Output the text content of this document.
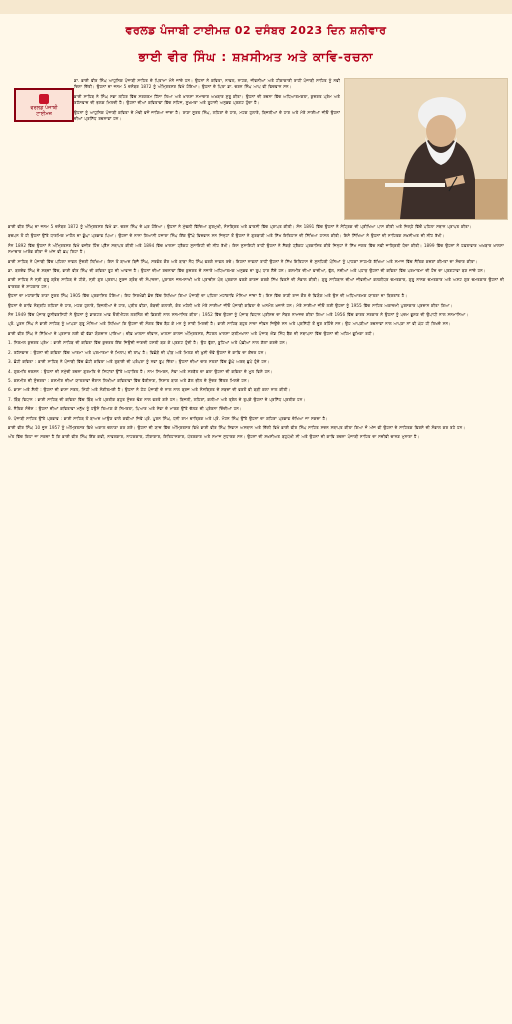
ਵਰਲਡ ਪੰਜਾਬੀ ਟਾਈਮਜ਼ 02 ਦਸੰਬਰ 2023 ਦਿਨ ਸ਼ਨੀਵਾਰ
ਭਾਈ ਵੀਰ ਸਿੰਘ : ਸ਼ਖ਼ਸੀਅਤ ਅਤੇ ਕਾਵਿ-ਰਚਨਾ
ਵਰਲਡ ਪੰਜਾਬੀ
ਟਾਈਮਜ਼

ਡਾ. ਭਾਈ ਵੀਰ ਸਿੰਘ ਆਧੁਨਿਕ ਪੰਜਾਬੀ ਸਾਹਿਤ ਦੇ ਪਿਤਾਮਾ ਮੰਨੇ ਜਾਂਦੇ ਹਨ। ਉਹਨਾਂ ਨੇ ਕਵਿਤਾ, ਨਾਵਲ, ਨਾਟਕ, ਜੀਵਨੀਆਂ ਅਤੇ ਟੀਕਾਕਾਰੀ ਰਾਹੀਂ ਪੰਜਾਬੀ ਸਾਹਿਤ ਨੂੰ ਨਵੀਂ ਦਿਸ਼ਾ ਦਿੱਤੀ। ਉਹਨਾਂ ਦਾ ਜਨਮ 5 ਦਸੰਬਰ 1872 ਨੂੰ ਅੰਮ੍ਰਿਤਸਰ ਵਿਖੇ ਹੋਇਆ। ਉਹਨਾਂ ਦੇ ਪਿਤਾ ਡਾ. ਚਰਨ ਸਿੰਘ ਆਪ ਵੀ ਵਿਦਵਾਨ ਸਨ।

ਭਾਈ ਸਾਹਿਬ ਨੇ ਸਿੰਘ ਸਭਾ ਲਹਿਰ ਵਿੱਚ ਸਰਗਰਮ ਹਿੱਸਾ ਲਿਆ ਅਤੇ ਖ਼ਾਲਸਾ ਸਮਾਚਾਰ ਅਖ਼ਬਾਰ ਸ਼ੁਰੂ ਕੀਤਾ। ਉਹਨਾਂ ਦੀ ਰਚਨਾ ਵਿੱਚ ਅਧਿਆਤਮਕਤਾ, ਕੁਦਰਤ ਪ੍ਰੇਮ ਅਤੇ ਰਹੱਸਵਾਦ ਦੀ ਝਲਕ ਮਿਲਦੀ ਹੈ। ਉਹਨਾਂ ਦੀਆਂ ਕਵਿਤਾਵਾਂ ਵਿੱਚ ਸਹਿਜ, ਸੂਖ਼ਮਤਾ ਅਤੇ ਰੂਹਾਨੀ ਅਨੁਭਵ ਪ੍ਰਗਟ ਹੁੰਦਾ ਹੈ।

ਉਹਨਾਂ ਨੂੰ ਆਧੁਨਿਕ ਪੰਜਾਬੀ ਕਵਿਤਾ ਦੇ ਮੋਢੀ ਵਜੋਂ ਜਾਣਿਆ ਜਾਂਦਾ ਹੈ। ਰਾਣਾ ਸੂਰਤ ਸਿੰਘ, ਲਹਿਰਾਂ ਦੇ ਹਾਰ, ਮਟਕ ਹੁਲਾਰੇ, ਬਿਜਲੀਆਂ ਦੇ ਹਾਰ ਅਤੇ ਮੇਰੇ ਸਾਈਆਂ ਜੀਓ ਉਹਨਾਂ ਦੀਆਂ ਪ੍ਰਸਿੱਧ ਰਚਨਾਵਾਂ ਹਨ।

ਭਾਈ ਵੀਰ ਸਿੰਘ ਦਾ ਜਨਮ 5 ਦਸੰਬਰ 1872 ਨੂੰ ਅੰਮ੍ਰਿਤਸਰ ਵਿਖੇ ਡਾ. ਚਰਨ ਸਿੰਘ ਦੇ ਘਰ ਹੋਇਆ। ਉਹਨਾਂ ਨੇ ਮੁੱਢਲੀ ਵਿੱਦਿਆ ਗੁਰਮੁਖੀ, ਸੰਸਕ੍ਰਿਤ ਅਤੇ ਫ਼ਾਰਸੀ ਵਿੱਚ ਪ੍ਰਾਪਤ ਕੀਤੀ। ਸੰਨ 1891 ਵਿੱਚ ਉਹਨਾਂ ਨੇ ਮੈਟ੍ਰਿਕ ਦੀ ਪ੍ਰੀਖਿਆ ਪਾਸ ਕੀਤੀ ਅਤੇ ਜ਼ਿਲ੍ਹੇ ਵਿੱਚੋਂ ਪਹਿਲਾ ਸਥਾਨ ਪ੍ਰਾਪਤ ਕੀਤਾ।

ਬਚਪਨ ਤੋਂ ਹੀ ਉਹਨਾਂ ਉੱਤੇ ਧਾਰਮਿਕ ਮਾਹੌਲ ਦਾ ਡੂੰਘਾ ਪ੍ਰਭਾਵ ਪਿਆ। ਉਹਨਾਂ ਦੇ ਨਾਨਾ ਗਿਆਨੀ ਹਜ਼ਾਰਾ ਸਿੰਘ ਇੱਕ ਉੱਘੇ ਵਿਦਵਾਨ ਸਨ ਜਿਨ੍ਹਾਂ ਤੋਂ ਉਹਨਾਂ ਨੇ ਗੁਰਬਾਣੀ ਅਤੇ ਸਿੱਖ ਇਤਿਹਾਸ ਦੀ ਸਿੱਖਿਆ ਹਾਸਲ ਕੀਤੀ। ਇਸੇ ਸਿੱਖਿਆ ਨੇ ਉਹਨਾਂ ਦੀ ਸਾਹਿਤਕ ਸ਼ਖ਼ਸੀਅਤ ਦੀ ਨੀਂਹ ਰੱਖੀ।

ਸੰਨ 1892 ਵਿੱਚ ਉਹਨਾਂ ਨੇ ਅੰਮ੍ਰਿਤਸਰ ਵਿਖੇ ਵਜ਼ੀਰ ਹਿੰਦ ਪ੍ਰੈੱਸ ਸਥਾਪਤ ਕੀਤੀ ਅਤੇ 1894 ਵਿੱਚ ਖ਼ਾਲਸਾ ਟ੍ਰੈਕਟ ਸੁਸਾਇਟੀ ਦੀ ਨੀਂਹ ਰੱਖੀ। ਇਸ ਸੁਸਾਇਟੀ ਰਾਹੀਂ ਉਹਨਾਂ ਨੇ ਸੈਂਕੜੇ ਟ੍ਰੈਕਟ ਪ੍ਰਕਾਸ਼ਿਤ ਕੀਤੇ ਜਿਨ੍ਹਾਂ ਨੇ ਸਿੱਖ ਜਗਤ ਵਿੱਚ ਨਵੀਂ ਜਾਗ੍ਰਿਤੀ ਪੈਦਾ ਕੀਤੀ। 1899 ਵਿੱਚ ਉਹਨਾਂ ਨੇ ਹਫ਼ਤਾਵਾਰ ਅਖ਼ਬਾਰ ਖ਼ਾਲਸਾ ਸਮਾਚਾਰ ਆਰੰਭ ਕੀਤਾ ਜੋ ਅੱਜ ਵੀ ਛਪ ਰਿਹਾ ਹੈ।

ਭਾਈ ਸਾਹਿਬ ਨੇ ਪੰਜਾਬੀ ਵਿੱਚ ਪਹਿਲਾ ਨਾਵਲ ਸੁੰਦਰੀ ਲਿਖਿਆ। ਇਸ ਤੋਂ ਬਾਅਦ ਬਿਜੈ ਸਿੰਘ, ਸਤਵੰਤ ਕੌਰ ਅਤੇ ਬਾਬਾ ਨੌਧ ਸਿੰਘ ਵਰਗੇ ਨਾਵਲ ਰਚੇ। ਇਹਨਾਂ ਨਾਵਲਾਂ ਰਾਹੀਂ ਉਹਨਾਂ ਨੇ ਸਿੱਖ ਇਤਿਹਾਸ ਦੇ ਸੁਨਹਿਰੀ ਪੰਨਿਆਂ ਨੂੰ ਪਾਠਕਾਂ ਸਾਹਮਣੇ ਰੱਖਿਆ ਅਤੇ ਸਮਾਜ ਵਿੱਚ ਨੈਤਿਕ ਕਦਰਾਂ ਕੀਮਤਾਂ ਦਾ ਸੰਚਾਰ ਕੀਤਾ।

ਡਾ. ਬਲਦੇਵ ਸਿੰਘ ਦੇ ਸ਼ਬਦਾਂ ਵਿੱਚ, ਭਾਈ ਵੀਰ ਸਿੰਘ ਦੀ ਕਵਿਤਾ ਰੂਹ ਦੀ ਆਵਾਜ਼ ਹੈ। ਉਹਨਾਂ ਦੀਆਂ ਰਚਨਾਵਾਂ ਵਿੱਚ ਕੁਦਰਤ ਦੇ ਨਜ਼ਾਰੇ ਅਧਿਆਤਮਕ ਅਨੁਭਵ ਦਾ ਰੂਪ ਧਾਰ ਲੈਂਦੇ ਹਨ। ਕਸ਼ਮੀਰ ਦੀਆਂ ਵਾਦੀਆਂ, ਫੁੱਲ, ਨਦੀਆਂ ਅਤੇ ਪਹਾੜ ਉਹਨਾਂ ਦੀ ਕਵਿਤਾ ਵਿੱਚ ਪਰਮਾਤਮਾ ਦੀ ਹੋਂਦ ਦਾ ਪ੍ਰਗਟਾਵਾ ਬਣ ਜਾਂਦੇ ਹਨ।

ਭਾਈ ਸਾਹਿਬ ਨੇ ਸ੍ਰੀ ਗੁਰੂ ਗ੍ਰੰਥ ਸਾਹਿਬ ਦੇ ਟੀਕੇ, ਸ੍ਰੀ ਗੁਰ ਪ੍ਰਤਾਪ ਸੂਰਜ ਗ੍ਰੰਥ ਦੀ ਸੰਪਾਦਨਾ, ਪੁਰਾਤਨ ਜਨਮਸਾਖੀ ਅਤੇ ਪ੍ਰਾਚੀਨ ਪੰਥ ਪ੍ਰਕਾਸ਼ ਵਰਗੇ ਕਾਰਜ ਕਰਕੇ ਸਿੱਖ ਵਿਰਸੇ ਦੀ ਸੰਭਾਲ ਕੀਤੀ। ਗੁਰੂ ਸਾਹਿਬਾਨ ਦੀਆਂ ਜੀਵਨੀਆਂ ਕਲਗੀਧਰ ਚਮਤਕਾਰ, ਗੁਰੂ ਨਾਨਕ ਚਮਤਕਾਰ ਅਤੇ ਅਸ਼ਟ ਗੁਰ ਚਮਤਕਾਰ ਉਹਨਾਂ ਦੀ ਵਾਰਤਕ ਦੇ ਸ਼ਾਹਕਾਰ ਹਨ।

ਉਹਨਾਂ ਦਾ ਮਹਾਂਕਾਵਿ ਰਾਣਾ ਸੂਰਤ ਸਿੰਘ 1905 ਵਿੱਚ ਪ੍ਰਕਾਸ਼ਿਤ ਹੋਇਆ। ਇਹ ਸਿਰਖੰਡੀ ਛੰਦ ਵਿੱਚ ਲਿਖਿਆ ਗਿਆ ਪੰਜਾਬੀ ਦਾ ਪਹਿਲਾ ਮਹਾਂਕਾਵਿ ਮੰਨਿਆ ਜਾਂਦਾ ਹੈ। ਇਸ ਵਿੱਚ ਰਾਣੀ ਰਾਜ ਕੌਰ ਦੇ ਵਿਯੋਗ ਅਤੇ ਉਸ ਦੀ ਅਧਿਆਤਮਕ ਯਾਤਰਾ ਦਾ ਬਿਰਤਾਂਤ ਹੈ।

ਉਹਨਾਂ ਦੇ ਕਾਵਿ ਸੰਗ੍ਰਹਿ ਲਹਿਰਾਂ ਦੇ ਹਾਰ, ਮਟਕ ਹੁਲਾਰੇ, ਬਿਜਲੀਆਂ ਦੇ ਹਾਰ, ਪ੍ਰੀਤ ਵੀਣਾ, ਕੰਬਦੀ ਕਲਾਈ, ਕੰਤ ਮਹੇਲੀ ਅਤੇ ਮੇਰੇ ਸਾਈਆਂ ਜੀਓ ਪੰਜਾਬੀ ਕਵਿਤਾ ਦੇ ਅਨਮੋਲ ਖ਼ਜ਼ਾਨੇ ਹਨ। ਮੇਰੇ ਸਾਈਆਂ ਜੀਓ ਲਈ ਉਹਨਾਂ ਨੂੰ 1955 ਵਿੱਚ ਸਾਹਿਤ ਅਕਾਦਮੀ ਪੁਰਸਕਾਰ ਪ੍ਰਦਾਨ ਕੀਤਾ ਗਿਆ।

ਸੰਨ 1949 ਵਿੱਚ ਪੰਜਾਬ ਯੂਨੀਵਰਸਿਟੀ ਨੇ ਉਹਨਾਂ ਨੂੰ ਡਾਕਟਰ ਆਫ਼ ਓਰੀਐਂਟਲ ਲਰਨਿੰਗ ਦੀ ਡਿਗਰੀ ਨਾਲ ਸਨਮਾਨਿਤ ਕੀਤਾ। 1952 ਵਿੱਚ ਉਹਨਾਂ ਨੂੰ ਪੰਜਾਬ ਵਿਧਾਨ ਪ੍ਰੀਸ਼ਦ ਦਾ ਮੈਂਬਰ ਨਾਮਜ਼ਦ ਕੀਤਾ ਗਿਆ ਅਤੇ 1956 ਵਿੱਚ ਭਾਰਤ ਸਰਕਾਰ ਨੇ ਉਹਨਾਂ ਨੂੰ ਪਦਮ ਭੂਸ਼ਣ ਦੀ ਉਪਾਧੀ ਨਾਲ ਸਨਮਾਨਿਆ।

ਪ੍ਰੋ. ਪੂਰਨ ਸਿੰਘ ਨੇ ਭਾਈ ਸਾਹਿਬ ਨੂੰ ਆਪਣਾ ਗੁਰੂ ਮੰਨਿਆ ਅਤੇ ਲਿਖਿਆ ਕਿ ਉਹਨਾਂ ਦੀ ਸੰਗਤ ਵਿੱਚ ਬੈਠ ਕੇ ਮਨ ਨੂੰ ਸ਼ਾਂਤੀ ਮਿਲਦੀ ਹੈ। ਭਾਈ ਸਾਹਿਬ ਬਹੁਤ ਸਾਦਾ ਜੀਵਨ ਜਿਉਂਦੇ ਸਨ ਅਤੇ ਪ੍ਰਸਿੱਧੀ ਤੋਂ ਦੂਰ ਰਹਿੰਦੇ ਸਨ। ਉਹ ਆਪਣੀਆਂ ਰਚਨਾਵਾਂ ਨਾਲ ਆਪਣਾ ਨਾਂ ਵੀ ਘੱਟ ਹੀ ਲਿਖਦੇ ਸਨ।

ਭਾਈ ਵੀਰ ਸਿੰਘ ਨੇ ਸਿੱਖਿਆ ਦੇ ਪ੍ਰਸਾਰ ਲਈ ਵੀ ਵੱਡਾ ਯੋਗਦਾਨ ਪਾਇਆ। ਚੀਫ਼ ਖ਼ਾਲਸਾ ਦੀਵਾਨ, ਖ਼ਾਲਸਾ ਕਾਲਜ ਅੰਮ੍ਰਿਤਸਰ, ਸੈਂਟਰਲ ਖ਼ਾਲਸਾ ਯਤੀਮਖ਼ਾਨਾ ਅਤੇ ਪੰਜਾਬ ਐਂਡ ਸਿੰਧ ਬੈਂਕ ਦੀ ਸਥਾਪਨਾ ਵਿੱਚ ਉਹਨਾਂ ਦੀ ਅਹਿਮ ਭੂਮਿਕਾ ਰਹੀ।

1. ਨਿਰਮਲ ਕੁਦਰਤ ਪ੍ਰੇਮ : ਭਾਈ ਸਾਹਿਬ ਦੀ ਕਵਿਤਾ ਵਿੱਚ ਕੁਦਰਤ ਇੱਕ ਜਿਉਂਦੀ ਜਾਗਦੀ ਹਸਤੀ ਬਣ ਕੇ ਪ੍ਰਗਟ ਹੁੰਦੀ ਹੈ। ਉਹ ਫੁੱਲਾਂ, ਬੂਟਿਆਂ ਅਤੇ ਪੰਛੀਆਂ ਨਾਲ ਗੱਲਾਂ ਕਰਦੇ ਹਨ।

2. ਰਹੱਸਵਾਦ : ਉਹਨਾਂ ਦੀ ਕਵਿਤਾ ਵਿੱਚ ਆਤਮਾ ਅਤੇ ਪਰਮਾਤਮਾ ਦੇ ਮਿਲਾਪ ਦੀ ਤਾਂਘ ਹੈ। ਵਿਛੋੜੇ ਦੀ ਪੀੜ ਅਤੇ ਮਿਲਣ ਦੀ ਖ਼ੁਸ਼ੀ ਦੋਵੇਂ ਉਹਨਾਂ ਦੇ ਕਾਵਿ ਦਾ ਕੇਂਦਰ ਹਨ।

3. ਛੋਟੀ ਕਵਿਤਾ : ਭਾਈ ਸਾਹਿਬ ਨੇ ਪੰਜਾਬੀ ਵਿੱਚ ਛੋਟੀ ਕਵਿਤਾ ਅਤੇ ਰੁਬਾਈ ਦੀ ਪਰੰਪਰਾ ਨੂੰ ਨਵਾਂ ਰੂਪ ਦਿੱਤਾ। ਉਹਨਾਂ ਦੀਆਂ ਚਾਰ ਸਤਰਾਂ ਵਿੱਚ ਡੂੰਘੇ ਅਰਥ ਛੁਪੇ ਹੁੰਦੇ ਹਨ।

4. ਗੁਰਮਤਿ ਦਰਸ਼ਨ : ਉਹਨਾਂ ਦੀ ਸਮੁੱਚੀ ਰਚਨਾ ਗੁਰਮਤਿ ਦੇ ਸਿਧਾਂਤਾਂ ਉੱਤੇ ਅਧਾਰਿਤ ਹੈ। ਨਾਮ ਸਿਮਰਨ, ਸੇਵਾ ਅਤੇ ਸਰਬੱਤ ਦਾ ਭਲਾ ਉਹਨਾਂ ਦੀ ਕਵਿਤਾ ਦੇ ਮੂਲ ਵਿਸ਼ੇ ਹਨ।

5. ਕਸ਼ਮੀਰ ਦੀ ਸੁੰਦਰਤਾ : ਕਸ਼ਮੀਰ ਦੀਆਂ ਯਾਤਰਾਵਾਂ ਦੌਰਾਨ ਲਿਖੀਆਂ ਕਵਿਤਾਵਾਂ ਵਿੱਚ ਵੈਰੀਨਾਗ, ਨਿਸ਼ਾਤ ਬਾਗ਼ ਅਤੇ ਡੱਲ ਝੀਲ ਦੇ ਸੁੰਦਰ ਚਿੱਤਰ ਮਿਲਦੇ ਹਨ।

6. ਭਾਸ਼ਾ ਅਤੇ ਸ਼ੈਲੀ : ਉਹਨਾਂ ਦੀ ਭਾਸ਼ਾ ਸਰਲ, ਮਿੱਠੀ ਅਤੇ ਸੰਗੀਤਮਈ ਹੈ। ਉਹਨਾਂ ਨੇ ਠੇਠ ਪੰਜਾਬੀ ਦੇ ਨਾਲ ਨਾਲ ਬ੍ਰਜ ਅਤੇ ਸੰਸਕ੍ਰਿਤ ਦੇ ਸ਼ਬਦਾਂ ਦੀ ਵਰਤੋਂ ਵੀ ਬੜੀ ਕਲਾ ਨਾਲ ਕੀਤੀ।

7. ਬਿੰਬ ਵਿਧਾਨ : ਭਾਈ ਸਾਹਿਬ ਦੀ ਕਵਿਤਾ ਵਿੱਚ ਬਿੰਬ ਅਤੇ ਪ੍ਰਤੀਕ ਬਹੁਤ ਸੁੰਦਰ ਢੰਗ ਨਾਲ ਵਰਤੇ ਗਏ ਹਨ। ਬਿਜਲੀ, ਲਹਿਰਾਂ, ਕਲੀਆਂ ਅਤੇ ਤ੍ਰੇਲ ਦੇ ਤੁਪਕੇ ਉਹਨਾਂ ਦੇ ਪ੍ਰਸਿੱਧ ਪ੍ਰਤੀਕ ਹਨ।

8. ਨੈਤਿਕ ਸੰਦੇਸ਼ : ਉਹਨਾਂ ਦੀਆਂ ਕਵਿਤਾਵਾਂ ਮਨੁੱਖ ਨੂੰ ਹਉਮੈ ਤਿਆਗ ਕੇ ਨਿਮਰਤਾ, ਪਿਆਰ ਅਤੇ ਸੇਵਾ ਦੇ ਮਾਰਗ ਉੱਤੇ ਚੱਲਣ ਦੀ ਪ੍ਰੇਰਨਾ ਦਿੰਦੀਆਂ ਹਨ।

9. ਪੰਜਾਬੀ ਸਾਹਿਤ ਉੱਤੇ ਪ੍ਰਭਾਵ : ਭਾਈ ਸਾਹਿਬ ਤੋਂ ਬਾਅਦ ਆਉਣ ਵਾਲੇ ਕਵੀਆਂ ਜਿਵੇਂ ਪ੍ਰੋ. ਪੂਰਨ ਸਿੰਘ, ਧਨੀ ਰਾਮ ਚਾਤ੍ਰਿਕ ਅਤੇ ਪ੍ਰੋ. ਮੋਹਨ ਸਿੰਘ ਉੱਤੇ ਉਹਨਾਂ ਦਾ ਗਹਿਰਾ ਪ੍ਰਭਾਵ ਦੇਖਿਆ ਜਾ ਸਕਦਾ ਹੈ।

ਭਾਈ ਵੀਰ ਸਿੰਘ 10 ਜੂਨ 1957 ਨੂੰ ਅੰਮ੍ਰਿਤਸਰ ਵਿਖੇ ਅਕਾਲ ਚਲਾਣਾ ਕਰ ਗਏ। ਉਹਨਾਂ ਦੀ ਯਾਦ ਵਿੱਚ ਅੰਮ੍ਰਿਤਸਰ ਵਿਖੇ ਭਾਈ ਵੀਰ ਸਿੰਘ ਨਿਵਾਸ ਅਸਥਾਨ ਅਤੇ ਦਿੱਲੀ ਵਿਖੇ ਭਾਈ ਵੀਰ ਸਿੰਘ ਸਾਹਿਤ ਸਦਨ ਸਥਾਪਤ ਕੀਤਾ ਗਿਆ ਜੋ ਅੱਜ ਵੀ ਉਹਨਾਂ ਦੇ ਸਾਹਿਤਕ ਵਿਰਸੇ ਦੀ ਸੰਭਾਲ ਕਰ ਰਹੇ ਹਨ।

ਅੰਤ ਵਿੱਚ ਕਿਹਾ ਜਾ ਸਕਦਾ ਹੈ ਕਿ ਭਾਈ ਵੀਰ ਸਿੰਘ ਇੱਕ ਕਵੀ, ਨਾਵਲਕਾਰ, ਨਾਟਕਕਾਰ, ਟੀਕਾਕਾਰ, ਇਤਿਹਾਸਕਾਰ, ਪੱਤਰਕਾਰ ਅਤੇ ਸਮਾਜ ਸੁਧਾਰਕ ਸਨ। ਉਹਨਾਂ ਦੀ ਸ਼ਖ਼ਸੀਅਤ ਬਹੁਪੱਖੀ ਸੀ ਅਤੇ ਉਹਨਾਂ ਦੀ ਕਾਵਿ ਰਚਨਾ ਪੰਜਾਬੀ ਸਾਹਿਤ ਦਾ ਸਦੀਵੀ ਚਾਨਣ ਮੁਨਾਰਾ ਹੈ।
